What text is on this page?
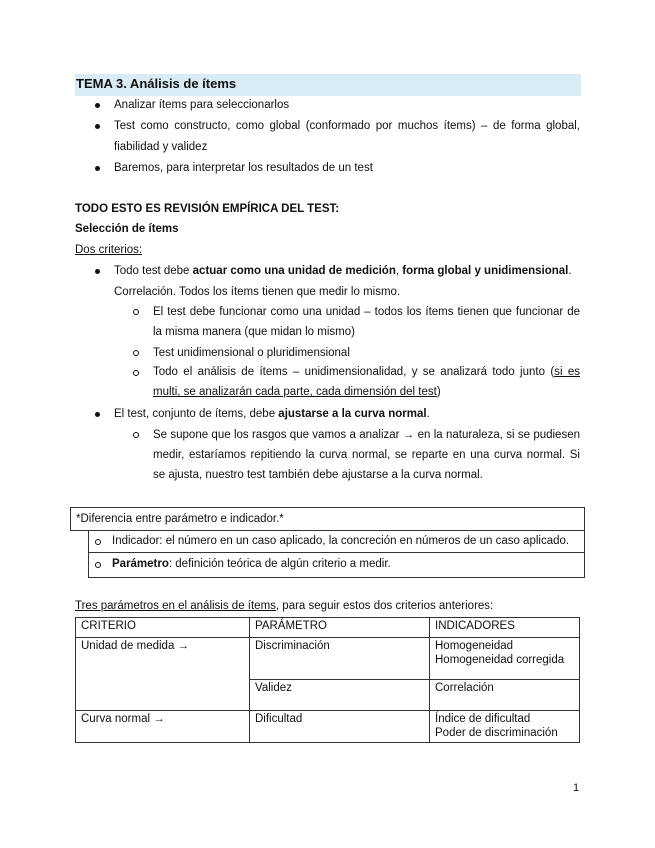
TEMA 3. Análisis de ítems
Analizar ítems para seleccionarlos
Test como constructo, como global (conformado por muchos ítems) – de forma global,
fiabilidad y validez
Baremos, para interpretar los resultados de un test
TODO ESTO ES REVISIÓN EMPÍRICA DEL TEST:
Selección de ítems
Dos criterios:
Todo test debe actuar como una unidad de medición, forma global y unidimensional.
Correlación. Todos los ítems tienen que medir lo mismo.
El test debe funcionar como una unidad – todos los ítems tienen que funcionar de
la misma manera (que midan lo mismo)
Test unidimensional o pluridimensional
Todo el análisis de ítems – unidimensionalidad, y se analizará todo junto (si es
multi, se analizarán cada parte, cada dimensión del test)
El test, conjunto de ítems, debe ajustarse a la curva normal.
Se supone que los rasgos que vamos a analizar → en la naturaleza, si se pudiesen
medir, estaríamos repitiendo la curva normal, se reparte en una curva normal. Si
se ajusta, nuestro test también debe ajustarse a la curva normal.
*Diferencia entre parámetro e indicador.*
Indicador: el número en un caso aplicado, la concreción en números de un caso aplicado.
Parámetro: definición teórica de algún criterio a medir.
Tres parámetros en el análisis de ítems, para seguir estos dos criterios anteriores:
CRITERIO	PARÁMETRO	INDICADORES
Unidad de medida →	Discriminación	Homogeneidad
Homogeneidad corregida

	Validez	Correlación
Curva normal →	Dificultad	Índice de dificultad
Poder de discriminación
1
